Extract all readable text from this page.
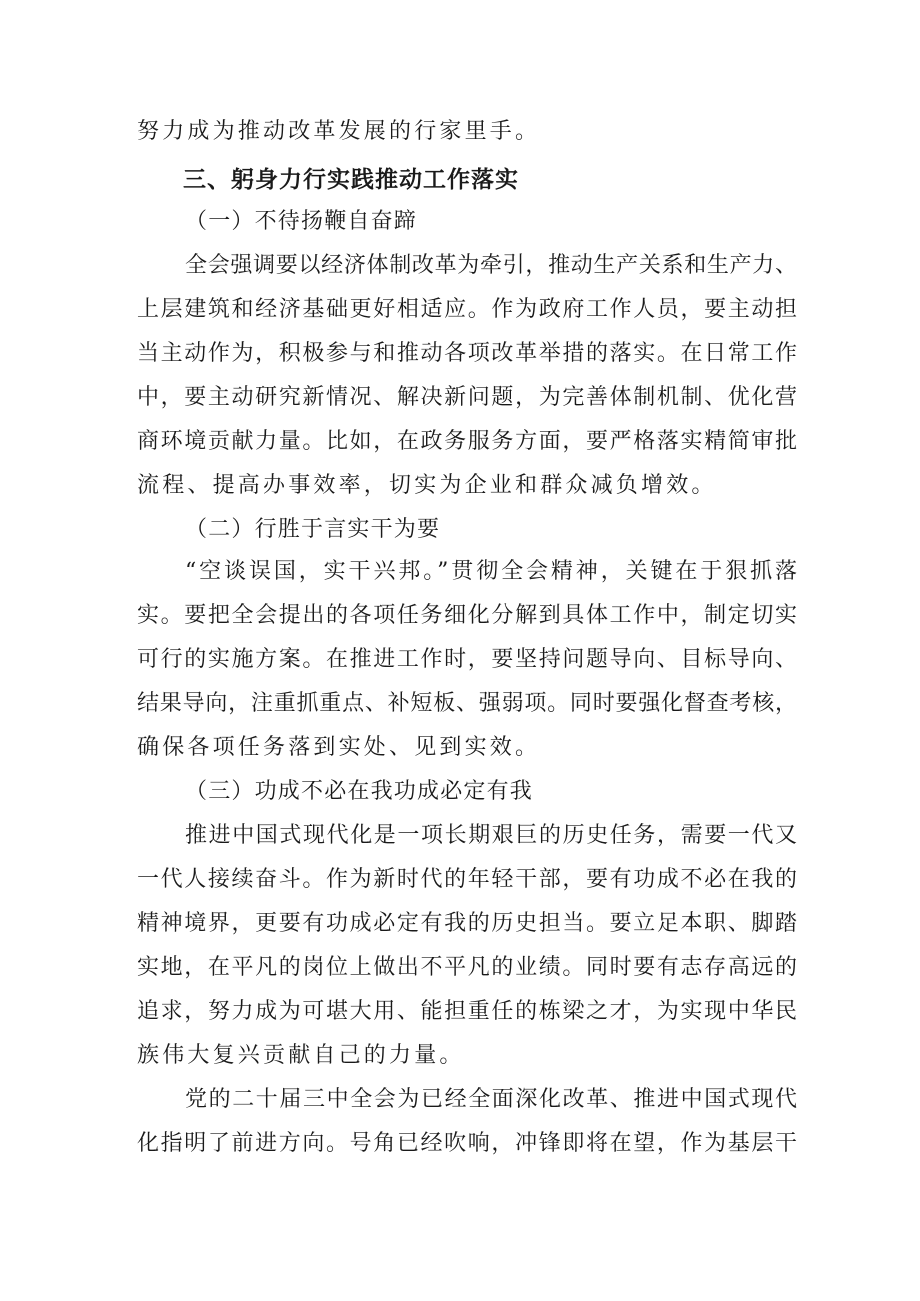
努力成为推动改革发展的行家里手。
三、躬身力行实践推动工作落实
（一）不待扬鞭自奋蹄
全会强调要以经济体制改革为牵引，推动生产关系和生产力、
上层建筑和经济基础更好相适应。作为政府工作人员，要主动担
当主动作为，积极参与和推动各项改革举措的落实。在日常工作
中，要主动研究新情况、解决新问题，为完善体制机制、优化营
商环境贡献力量。比如，在政务服务方面，要严格落实精简审批
流程、提高办事效率，切实为企业和群众减负增效。
（二）行胜于言实干为要
“空谈误国，实干兴邦。”贯彻全会精神，关键在于狠抓落
实。要把全会提出的各项任务细化分解到具体工作中，制定切实
可行的实施方案。在推进工作时，要坚持问题导向、目标导向、
结果导向，注重抓重点、补短板、强弱项。同时要强化督查考核，
确保各项任务落到实处、见到实效。
（三）功成不必在我功成必定有我
推进中国式现代化是一项长期艰巨的历史任务，需要一代又
一代人接续奋斗。作为新时代的年轻干部，要有功成不必在我的
精神境界，更要有功成必定有我的历史担当。要立足本职、脚踏
实地，在平凡的岗位上做出不平凡的业绩。同时要有志存高远的
追求，努力成为可堪大用、能担重任的栋梁之才，为实现中华民
族伟大复兴贡献自己的力量。
党的二十届三中全会为已经全面深化改革、推进中国式现代
化指明了前进方向。号角已经吹响，冲锋即将在望，作为基层干
